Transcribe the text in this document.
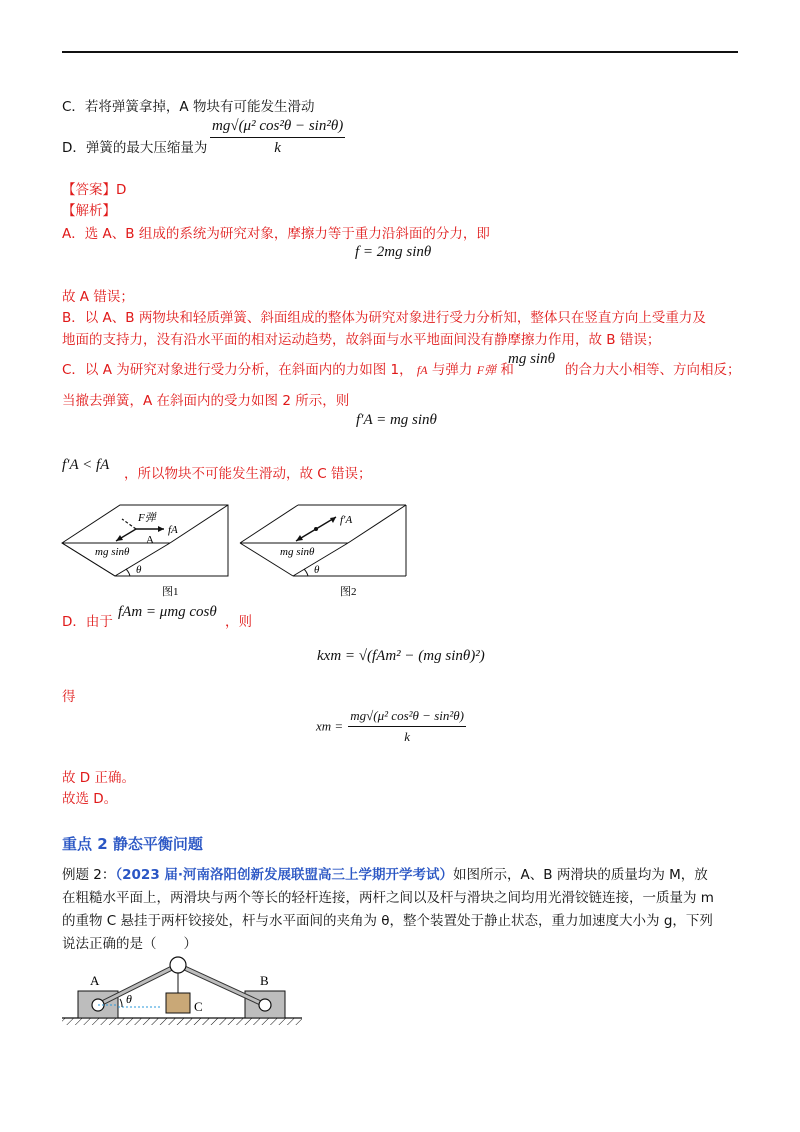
C．若将弹簧拿掉，A 物块有可能发生滑动
D．弹簧的最大压缩量为 $\frac{\text{mg√(μ² cos²θ − sin²θ)}}{k}$
【答案】D
【解析】
A．选 A、B 组成的系统为研究对象，摩擦力等于重力沿斜面的分力，即
f = 2mg sinθ
故 A 错误；
B．以 A、B 两物块和轻质弹簧、斜面组成的整体为研究对象进行受力分析知，整体只在竖直方向上受重力及
地面的支持力，没有沿水平面的相对运动趋势，故斜面与水平地面间没有静摩擦力作用，故 B 错误；
C．以 A 为研究对象进行受力分析，在斜面内的力如图 1， fA 与弹力 F弹 和
mg sinθ
的合力大小相等、方向相反；
当撤去弹簧，A 在斜面内的受力如图 2 所示，则
f′A = mg sinθ
f′A < fA
，所以物块不可能发生滑动，故 C 错误；
F弹
fA
A
mg sinθ
θ
图1
f′A
mg sinθ
θ
图2
D．由于
fAm = μmg cosθ
，则
kxm = √(fAm² − (mg sinθ)²)
得
xm = $\frac{\text{mg√(μ² cos²θ − sin²θ)}}{k}$
故 D 正确。
故选 D。
重点 2 静态平衡问题
例题 2：（2023 届·河南洛阳创新发展联盟高三上学期开学考试）如图所示，A、B 两滑块的质量均为 M，放
在粗糙水平面上，两滑块与两个等长的轻杆连接，两杆之间以及杆与滑块之间均用光滑铰链连接，一质量为 m
的重物 C 悬挂于两杆铰接处，杆与水平面间的夹角为 θ，整个装置处于静止状态，重力加速度大小为 g，下列
说法正确的是（　　）
A	B
C
θ
